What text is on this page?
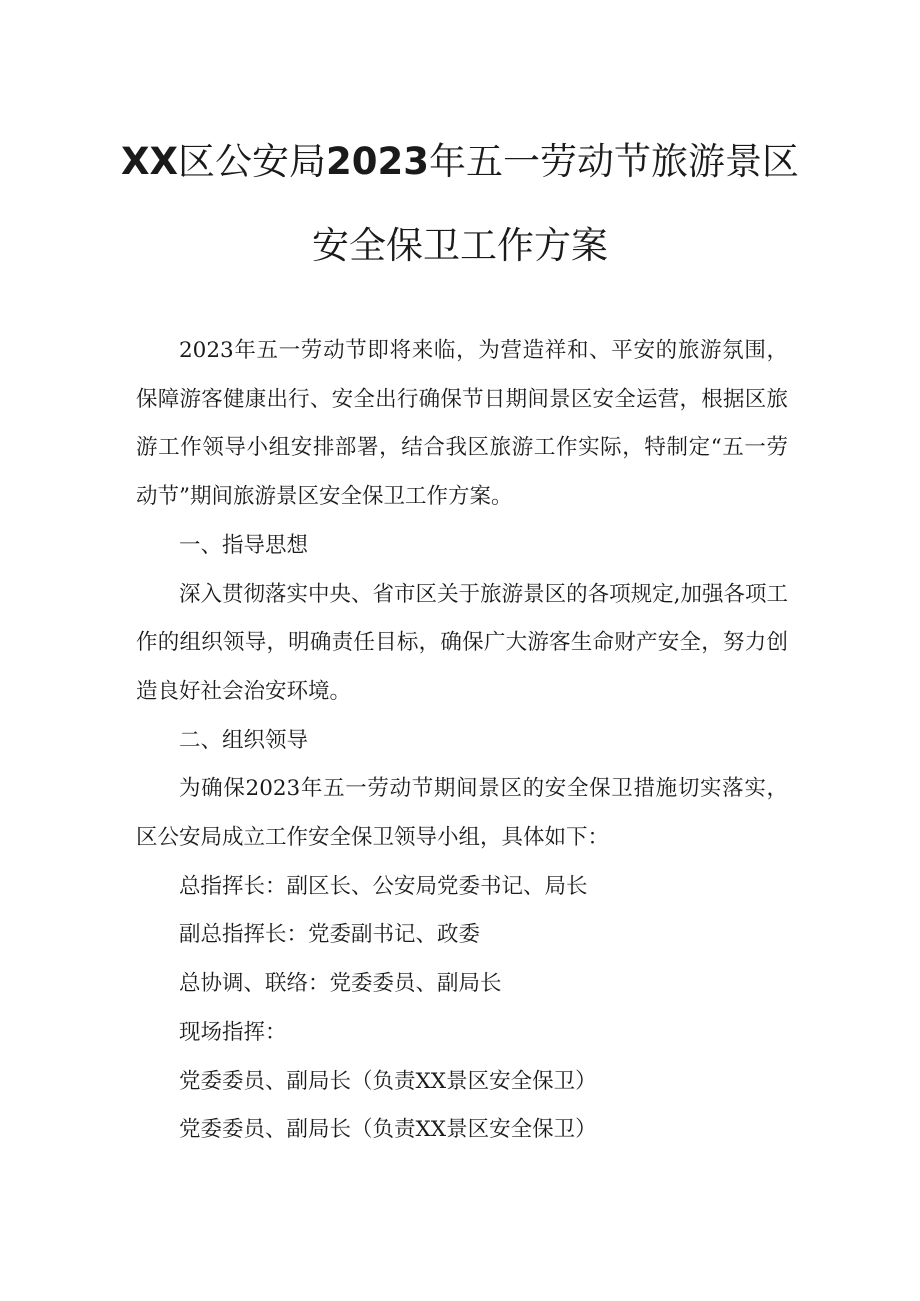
XX区公安局2023年五一劳动节旅游景区
安全保卫工作方案

2023年五一劳动节即将来临，为营造祥和、平安的旅游氛围，保障游客健康出行、安全出行确保节日期间景区安全运营，根据区旅游工作领导小组安排部署，结合我区旅游工作实际，特制定“五一劳动节”期间旅游景区安全保卫工作方案。

一、指导思想

深入贯彻落实中央、省市区关于旅游景区的各项规定,加强各项工作的组织领导，明确责任目标，确保广大游客生命财产安全，努力创造良好社会治安环境。

二、组织领导

为确保2023年五一劳动节期间景区的安全保卫措施切实落实，区公安局成立工作安全保卫领导小组，具体如下：

总指挥长：副区长、公安局党委书记、局长

副总指挥长：党委副书记、政委

总协调、联络：党委委员、副局长

现场指挥：

党委委员、副局长（负责XX景区安全保卫）

党委委员、副局长（负责XX景区安全保卫）
